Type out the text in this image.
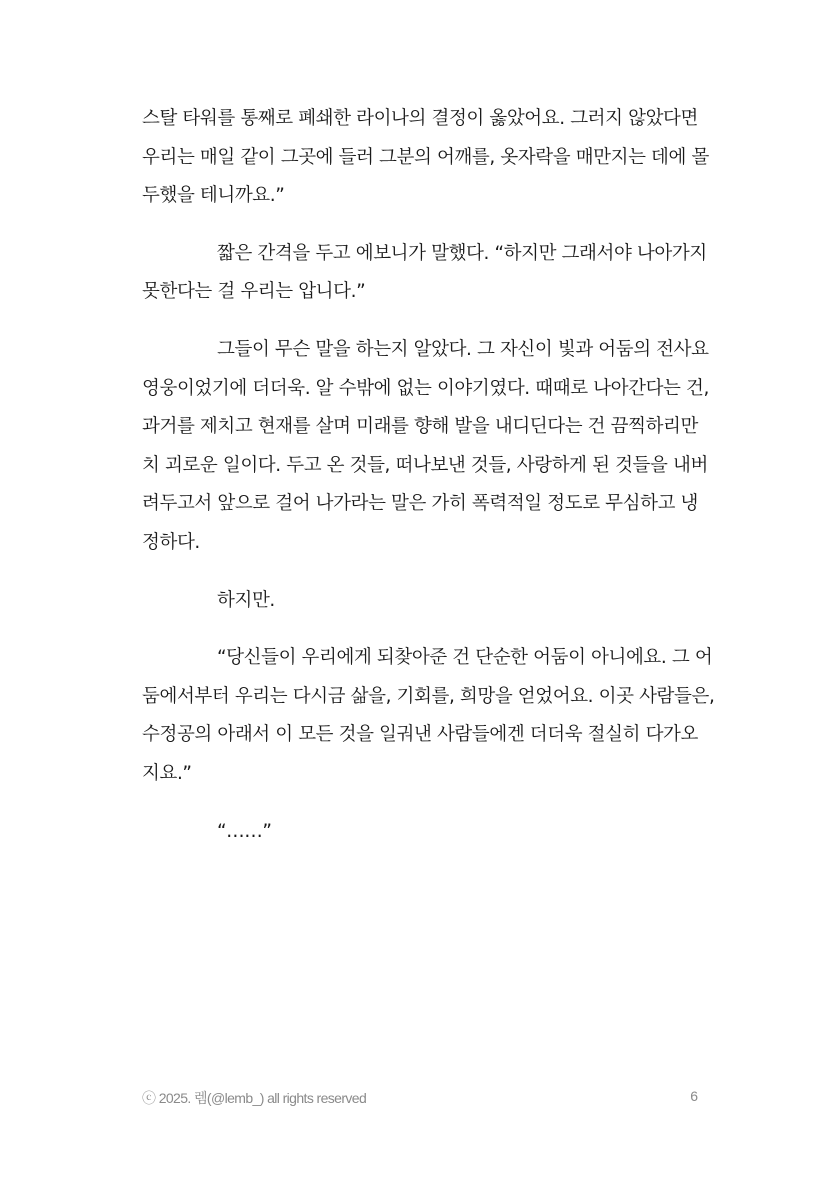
스탈 타워를 통째로 폐쇄한 라이나의 결정이 옳았어요. 그러지 않았다면
우리는 매일 같이 그곳에 들러 그분의 어깨를, 옷자락을 매만지는 데에 몰
두했을 테니까요.”

짧은 간격을 두고 에보니가 말했다. “하지만 그래서야 나아가지
못한다는 걸 우리는 압니다.”

그들이 무슨 말을 하는지 알았다. 그 자신이 빛과 어둠의 전사요
영웅이었기에 더더욱. 알 수밖에 없는 이야기였다. 때때로 나아간다는 건,
과거를 제치고 현재를 살며 미래를 향해 발을 내디딘다는 건 끔찍하리만
치 괴로운 일이다. 두고 온 것들, 떠나보낸 것들, 사랑하게 된 것들을 내버
려두고서 앞으로 걸어 나가라는 말은 가히 폭력적일 정도로 무심하고 냉
정하다.

하지만.

“당신들이 우리에게 되찾아준 건 단순한 어둠이 아니에요. 그 어
둠에서부터 우리는 다시금 삶을, 기회를, 희망을 얻었어요. 이곳 사람들은,
수정공의 아래서 이 모든 것을 일궈낸 사람들에겐 더더욱 절실히 다가오
지요.”

“……”

ⓒ 2025. 렘(@lemb_) all rights reserved	6
